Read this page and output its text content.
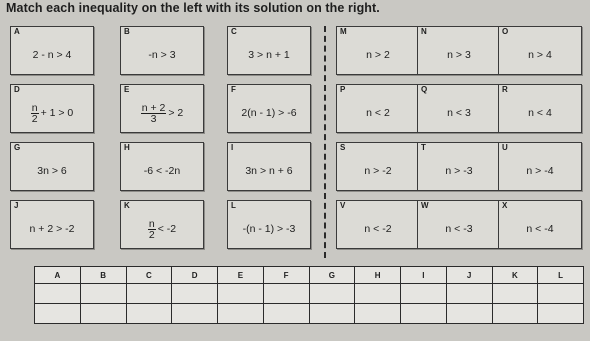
Match each inequality on the left with its solution on the right.
A
2 - n > 4
B
-n > 3
C
3 > n + 1
D
$\frac{n}{2} + 1 > 0$
E
$\frac{n + 2}{3} > 2$
F
2(n - 1) > -6
G
3n > 6
H
-6 < -2n
I
3n > n + 6
J
n + 2 > -2
K
$\frac{n}{2} < -2$
L
-(n - 1) > -3
M
n > 2
N
n > 3
O
n > 4
P
n < 2
Q
n < 3
R
n < 4
S
n > -2
T
n > -3
U
n > -4
V
n < -2
W
n < -3
X
n < -4
A	B	C	D	E	F	G	H	I	J	K	L
